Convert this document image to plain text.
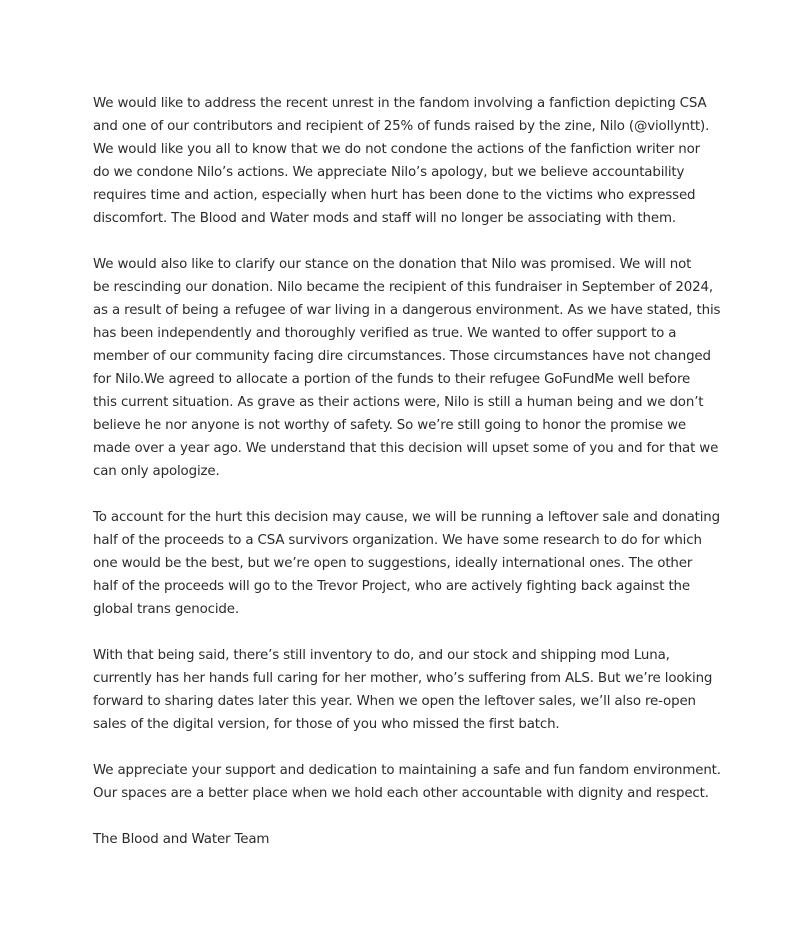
We would like to address the recent unrest in the fandom involving a fanfiction depicting CSA
and one of our contributors and recipient of 25% of funds raised by the zine, Nilo (@viollyntt).
We would like you all to know that we do not condone the actions of the fanfiction writer nor
do we condone Nilo’s actions. We appreciate Nilo’s apology, but we believe accountability
requires time and action, especially when hurt has been done to the victims who expressed
discomfort. The Blood and Water mods and staff will no longer be associating with them.

We would also like to clarify our stance on the donation that Nilo was promised. We will not
be rescinding our donation. Nilo became the recipient of this fundraiser in September of 2024,
as a result of being a refugee of war living in a dangerous environment. As we have stated, this
has been independently and thoroughly verified as true. We wanted to offer support to a
member of our community facing dire circumstances. Those circumstances have not changed
for Nilo.We agreed to allocate a portion of the funds to their refugee GoFundMe well before
this current situation. As grave as their actions were, Nilo is still a human being and we don’t
believe he nor anyone is not worthy of safety. So we’re still going to honor the promise we
made over a year ago. We understand that this decision will upset some of you and for that we
can only apologize.

To account for the hurt this decision may cause, we will be running a leftover sale and donating
half of the proceeds to a CSA survivors organization. We have some research to do for which
one would be the best, but we’re open to suggestions, ideally international ones. The other
half of the proceeds will go to the Trevor Project, who are actively fighting back against the
global trans genocide.

With that being said, there’s still inventory to do, and our stock and shipping mod Luna,
currently has her hands full caring for her mother, who’s suffering from ALS. But we’re looking
forward to sharing dates later this year. When we open the leftover sales, we’ll also re-open
sales of the digital version, for those of you who missed the first batch.

We appreciate your support and dedication to maintaining a safe and fun fandom environment.
Our spaces are a better place when we hold each other accountable with dignity and respect.

The Blood and Water Team
